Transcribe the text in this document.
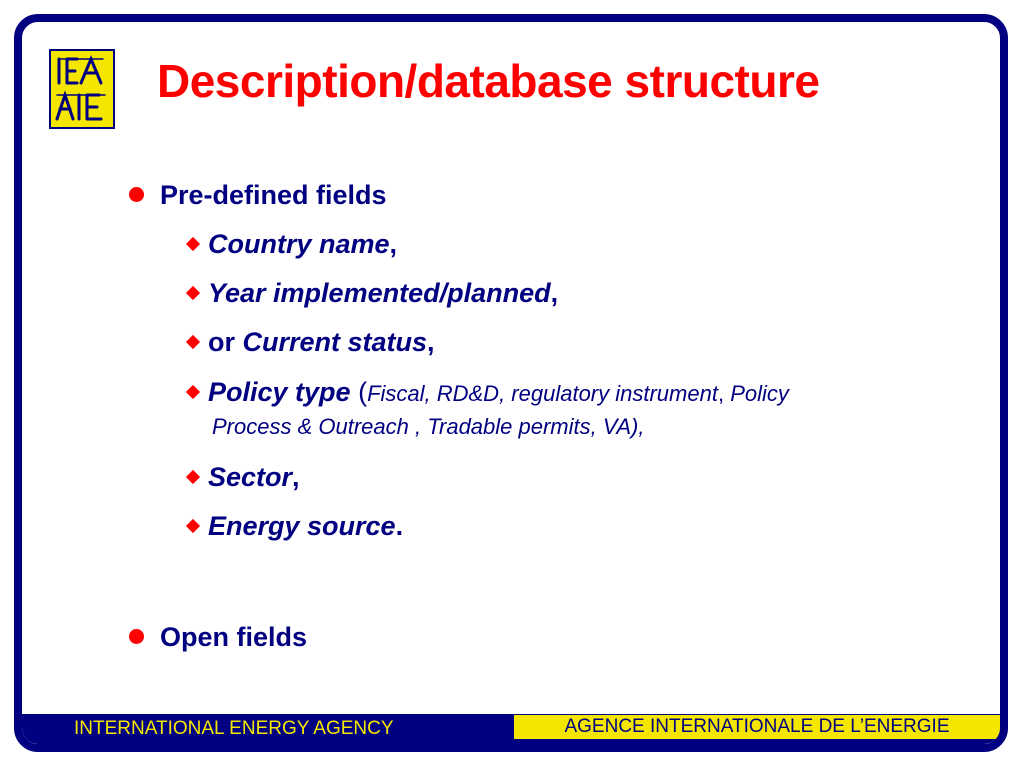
Description/database structure
Pre-defined fields
Country name,
Year implemented/planned,
or Current status,
Policy type (Fiscal, RD&D, regulatory instrument, Policy
Process & Outreach , Tradable permits, VA),
Sector,
Energy source.
Open fields
INTERNATIONAL ENERGY AGENCY	AGENCE INTERNATIONALE DE L’ENERGIE
